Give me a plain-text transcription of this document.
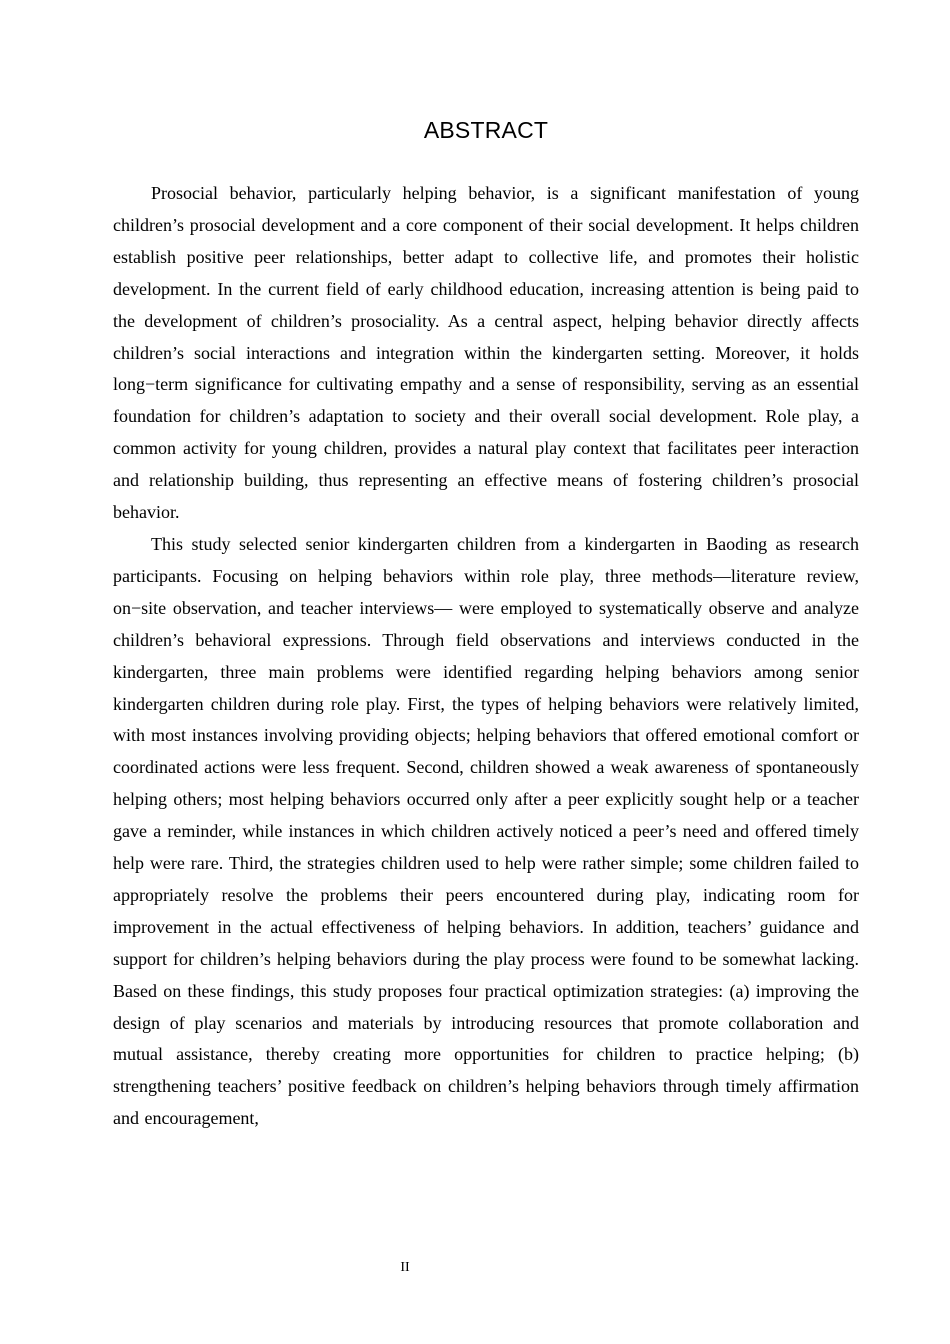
ABSTRACT

Prosocial behavior, particularly helping behavior, is a significant manifestation of young children’s prosocial development and a core component of their social development. It helps children establish positive peer relationships, better adapt to collective life, and promotes their holistic development. In the current field of early childhood education, increasing attention is being paid to the development of children’s prosociality. As a central aspect, helping behavior directly affects children’s social interactions and integration within the kindergarten setting. Moreover, it holds long−term significance for cultivating empathy and a sense of responsibility, serving as an essential foundation for children’s adaptation to society and their overall social development. Role play, a common activity for young children, provides a natural play context that facilitates peer interaction and relationship building, thus representing an effective means of fostering children’s prosocial behavior.

This study selected senior kindergarten children from a kindergarten in Baoding as research participants. Focusing on helping behaviors within role play, three methods—literature review, on−site observation, and teacher interviews— were employed to systematically observe and analyze children’s behavioral expressions. Through field observations and interviews conducted in the kindergarten, three main problems were identified regarding helping behaviors among senior kindergarten children during role play. First, the types of helping behaviors were relatively limited, with most instances involving providing objects; helping behaviors that offered emotional comfort or coordinated actions were less frequent. Second, children showed a weak awareness of spontaneously helping others; most helping behaviors occurred only after a peer explicitly sought help or a teacher gave a reminder, while instances in which children actively noticed a peer’s need and offered timely help were rare. Third, the strategies children used to help were rather simple; some children failed to appropriately resolve the problems their peers encountered during play, indicating room for improvement in the actual effectiveness of helping behaviors. In addition, teachers’ guidance and support for children’s helping behaviors during the play process were found to be somewhat lacking. Based on these findings, this study proposes four practical optimization strategies: (a) improving the design of play scenarios and materials by introducing resources that promote collaboration and mutual assistance, thereby creating more opportunities for children to practice helping; (b) strengthening teachers’ positive feedback on children’s helping behaviors through timely affirmation and encouragement,

II
